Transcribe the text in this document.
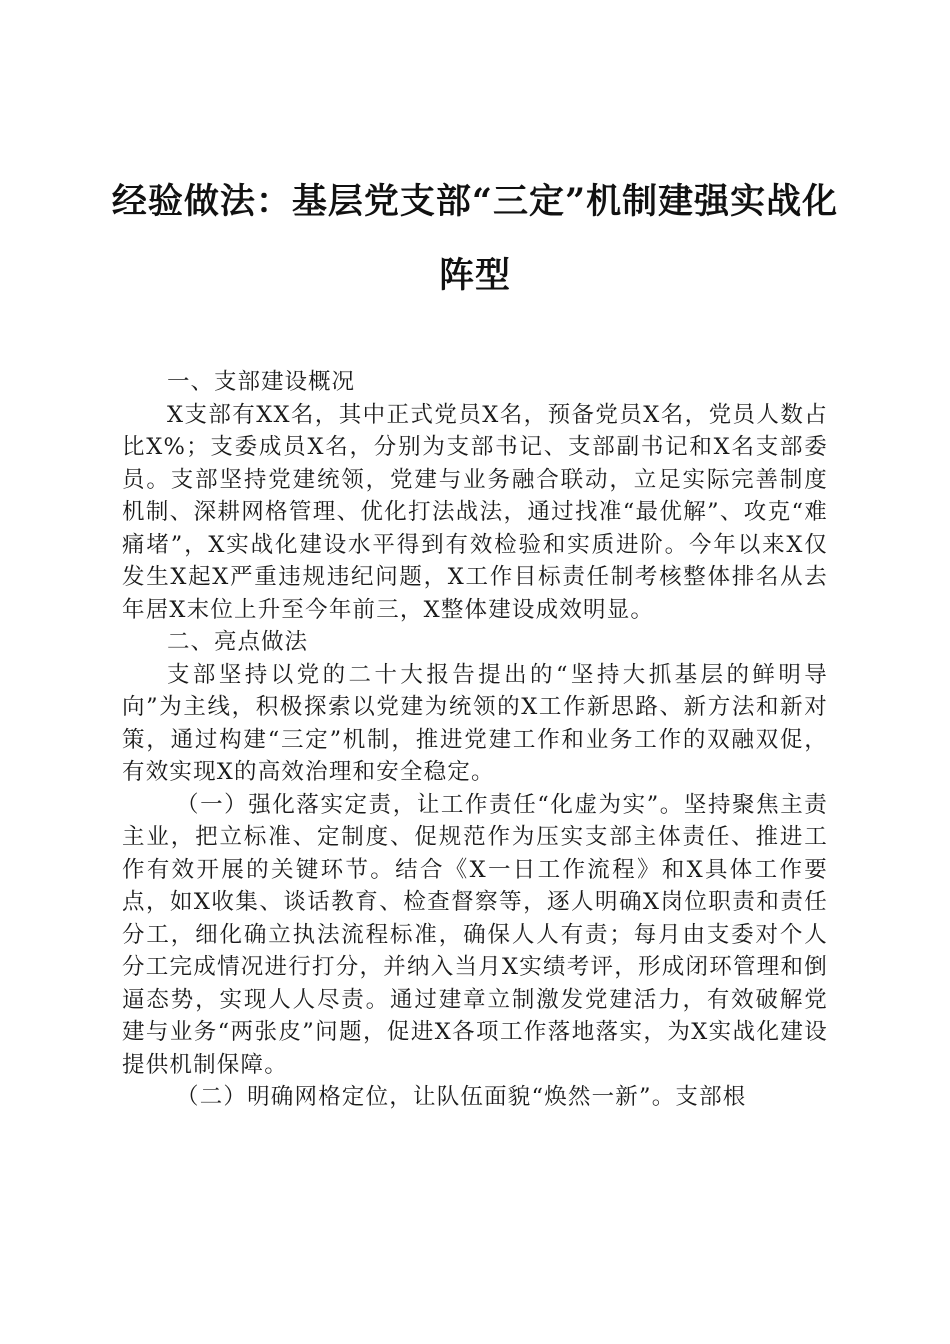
经验做法：基层党支部“三定”机制建强实战化阵型
一、支部建设概况

X支部有XX名，其中正式党员X名，预备党员X名，党员人数占比X%；支委成员X名，分别为支部书记、支部副书记和X名支部委员。支部坚持党建统领，党建与业务融合联动，立足实际完善制度机制、深耕网格管理、优化打法战法，通过找准“最优解”、攻克“难痛堵”，X实战化建设水平得到有效检验和实质进阶。今年以来X仅发生X起X严重违规违纪问题，X工作目标责任制考核整体排名从去年居X末位上升至今年前三，X整体建设成效明显。

二、亮点做法

支部坚持以党的二十大报告提出的“坚持大抓基层的鲜明导向”为主线，积极探索以党建为统领的X工作新思路、新方法和新对策，通过构建“三定”机制，推进党建工作和业务工作的双融双促，有效实现X的高效治理和安全稳定。

（一）强化落实定责，让工作责任“化虚为实”。坚持聚焦主责主业，把立标准、定制度、促规范作为压实支部主体责任、推进工作有效开展的关键环节。结合《X一日工作流程》和X具体工作要点，如X收集、谈话教育、检查督察等，逐人明确X岗位职责和责任分工，细化确立执法流程标准，确保人人有责；每月由支委对个人分工完成情况进行打分，并纳入当月X实绩考评，形成闭环管理和倒逼态势，实现人人尽责。通过建章立制激发党建活力，有效破解党建与业务“两张皮”问题，促进X各项工作落地落实，为X实战化建设提供机制保障。

（二）明确网格定位，让队伍面貌“焕然一新”。支部根
